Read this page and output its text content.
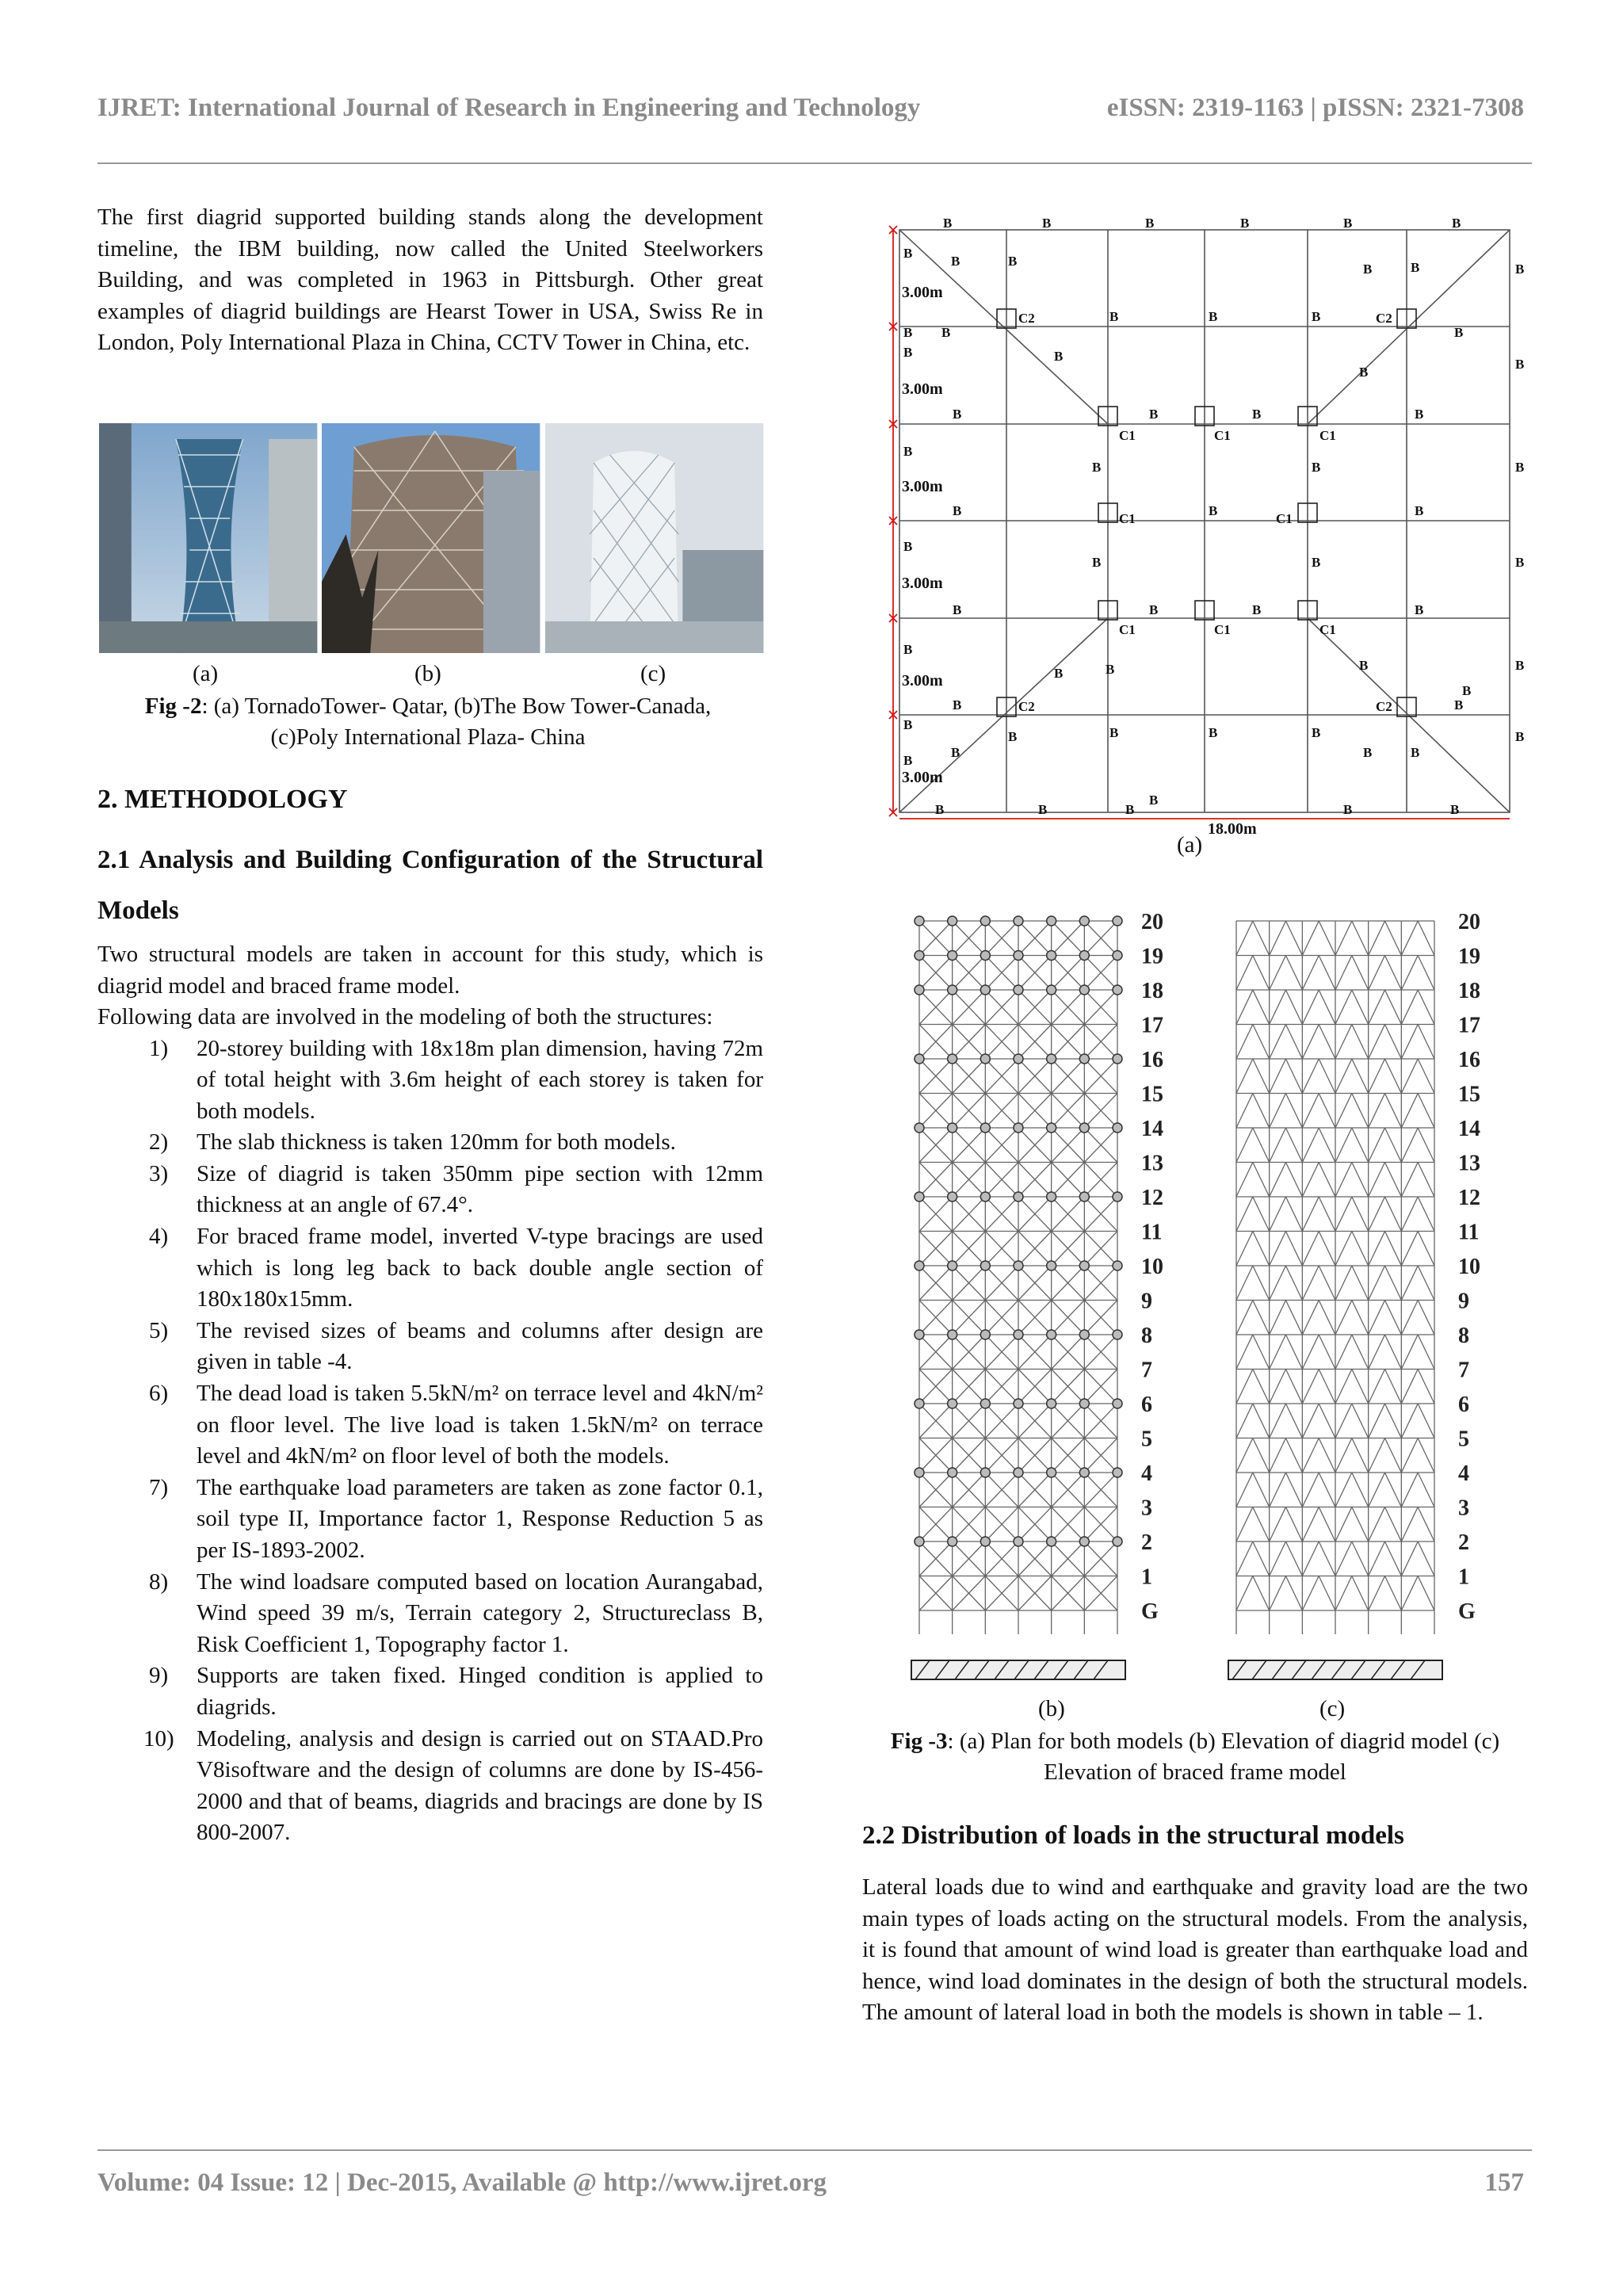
IJRET: International Journal of Research in Engineering and Technology	eISSN: 2319-1163 | pISSN: 2321-7308
The first diagrid supported building stands along the development timeline, the IBM building, now called the United Steelworkers Building, and was completed in 1963 in Pittsburgh. Other great examples of diagrid buildings are Hearst Tower in USA, Swiss Re in London, Poly International Plaza in China, CCTV Tower in China, etc.
(a)	(b)	(c)
Fig -2: (a) TornadoTower- Qatar, (b)The Bow Tower-Canada, (c)Poly International Plaza- China
2. METHODOLOGY
2.1 Analysis and Building Configuration of the Structural Models
Two structural models are taken in account for this study, which is diagrid model and braced frame model.
Following data are involved in the modeling of both the structures:
1) 20-storey building with 18x18m plan dimension, having 72m of total height with 3.6m height of each storey is taken for both models.
2) The slab thickness is taken 120mm for both models.
3) Size of diagrid is taken 350mm pipe section with 12mm thickness at an angle of 67.4°.
4) For braced frame model, inverted V-type bracings are used which is long leg back to back double angle section of 180x180x15mm.
5) The revised sizes of beams and columns after design are given in table -4.
6) The dead load is taken 5.5kN/m² on terrace level and 4kN/m² on floor level. The live load is taken 1.5kN/m² on terrace level and 4kN/m² on floor level of both the models.
7) The earthquake load parameters are taken as zone factor 0.1, soil type II, Importance factor 1, Response Reduction 5 as per IS-1893-2002.
8) The wind loadsare computed based on location Aurangabad, Wind speed 39 m/s, Terrain category 2, Structureclass B, Risk Coefficient 1, Topography factor 1.
9) Supports are taken fixed. Hinged condition is applied to diagrids.
10) Modeling, analysis and design is carried out on STAAD.Pro V8isoftware and the design of columns are done by IS-456-2000 and that of beams, diagrids and bracings are done by IS 800-2007.
3.00m
3.00m
3.00m
3.00m
3.00m
3.00m
18.00m
B	B	B	B	B	B
B
B	B
B
B
B
B
B	B	B
B	B	B
B
B
B
B
B
B
B
B
B
B
B
B	B	B
B
B
B
B	B
B
B
B
B
B
B
B
B
B
B
B	B	B	B
B	B
B
B
B
B
B	B	B	B	B
B
B
C2	C2
C2	C2
C1	C1	C1
C1	C1
C1	C1	C1
(a)
20
19
18
17
16
15
14
13
12
11
10
9
8
7
6
5
4
3
2
1
G
20
19
18
17
16
15
14
13
12
11
10
9
8
7
6
5
4
3
2
1
G
(b)	(c)
Fig -3: (a) Plan for both models (b) Elevation of diagrid model (c) Elevation of braced frame model
2.2 Distribution of loads in the structural models
Lateral loads due to wind and earthquake and gravity load are the two main types of loads acting on the structural models. From the analysis, it is found that amount of wind load is greater than earthquake load and hence, wind load dominates in the design of both the structural models. The amount of lateral load in both the models is shown in table – 1.
Volume: 04 Issue: 12 | Dec-2015, Available @ http://www.ijret.org	157
